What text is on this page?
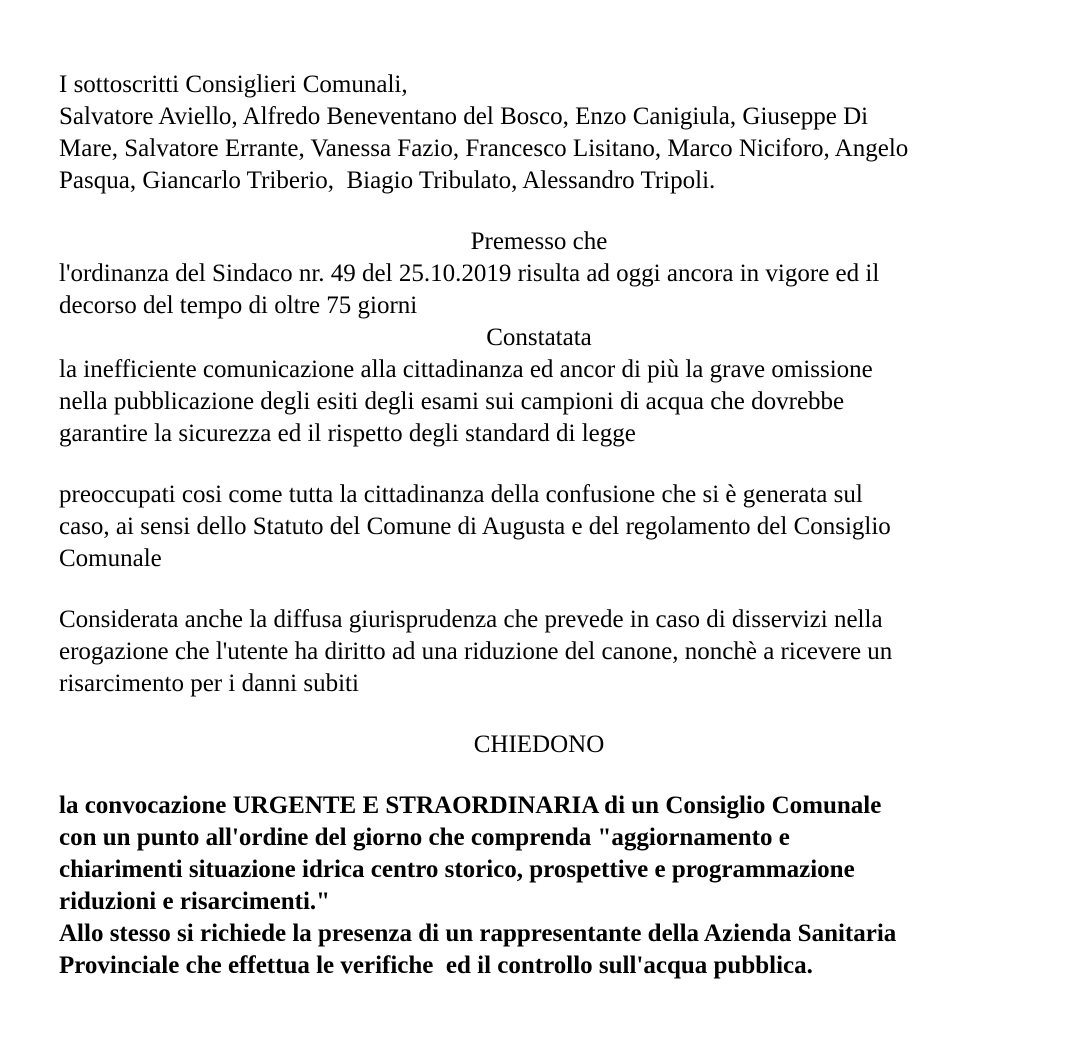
I sottoscritti Consiglieri Comunali,
Salvatore Aviello, Alfredo Beneventano del Bosco, Enzo Canigiula, Giuseppe Di
Mare, Salvatore Errante, Vanessa Fazio, Francesco Lisitano, Marco Niciforo, Angelo
Pasqua, Giancarlo Triberio,  Biagio Tribulato, Alessandro Tripoli.
Premesso che
l'ordinanza del Sindaco nr. 49 del 25.10.2019 risulta ad oggi ancora in vigore ed il
decorso del tempo di oltre 75 giorni
Constatata
la inefficiente comunicazione alla cittadinanza ed ancor di più la grave omissione
nella pubblicazione degli esiti degli esami sui campioni di acqua che dovrebbe
garantire la sicurezza ed il rispetto degli standard di legge
preoccupati cosi come tutta la cittadinanza della confusione che si è generata sul
caso, ai sensi dello Statuto del Comune di Augusta e del regolamento del Consiglio
Comunale
Considerata anche la diffusa giurisprudenza che prevede in caso di disservizi nella
erogazione che l'utente ha diritto ad una riduzione del canone, nonchè a ricevere un
risarcimento per i danni subiti
CHIEDONO
la convocazione URGENTE E STRAORDINARIA di un Consiglio Comunale
con un punto all'ordine del giorno che comprenda "aggiornamento e
chiarimenti situazione idrica centro storico, prospettive e programmazione
riduzioni e risarcimenti."
Allo stesso si richiede la presenza di un rappresentante della Azienda Sanitaria
Provinciale che effettua le verifiche  ed il controllo sull'acqua pubblica.
